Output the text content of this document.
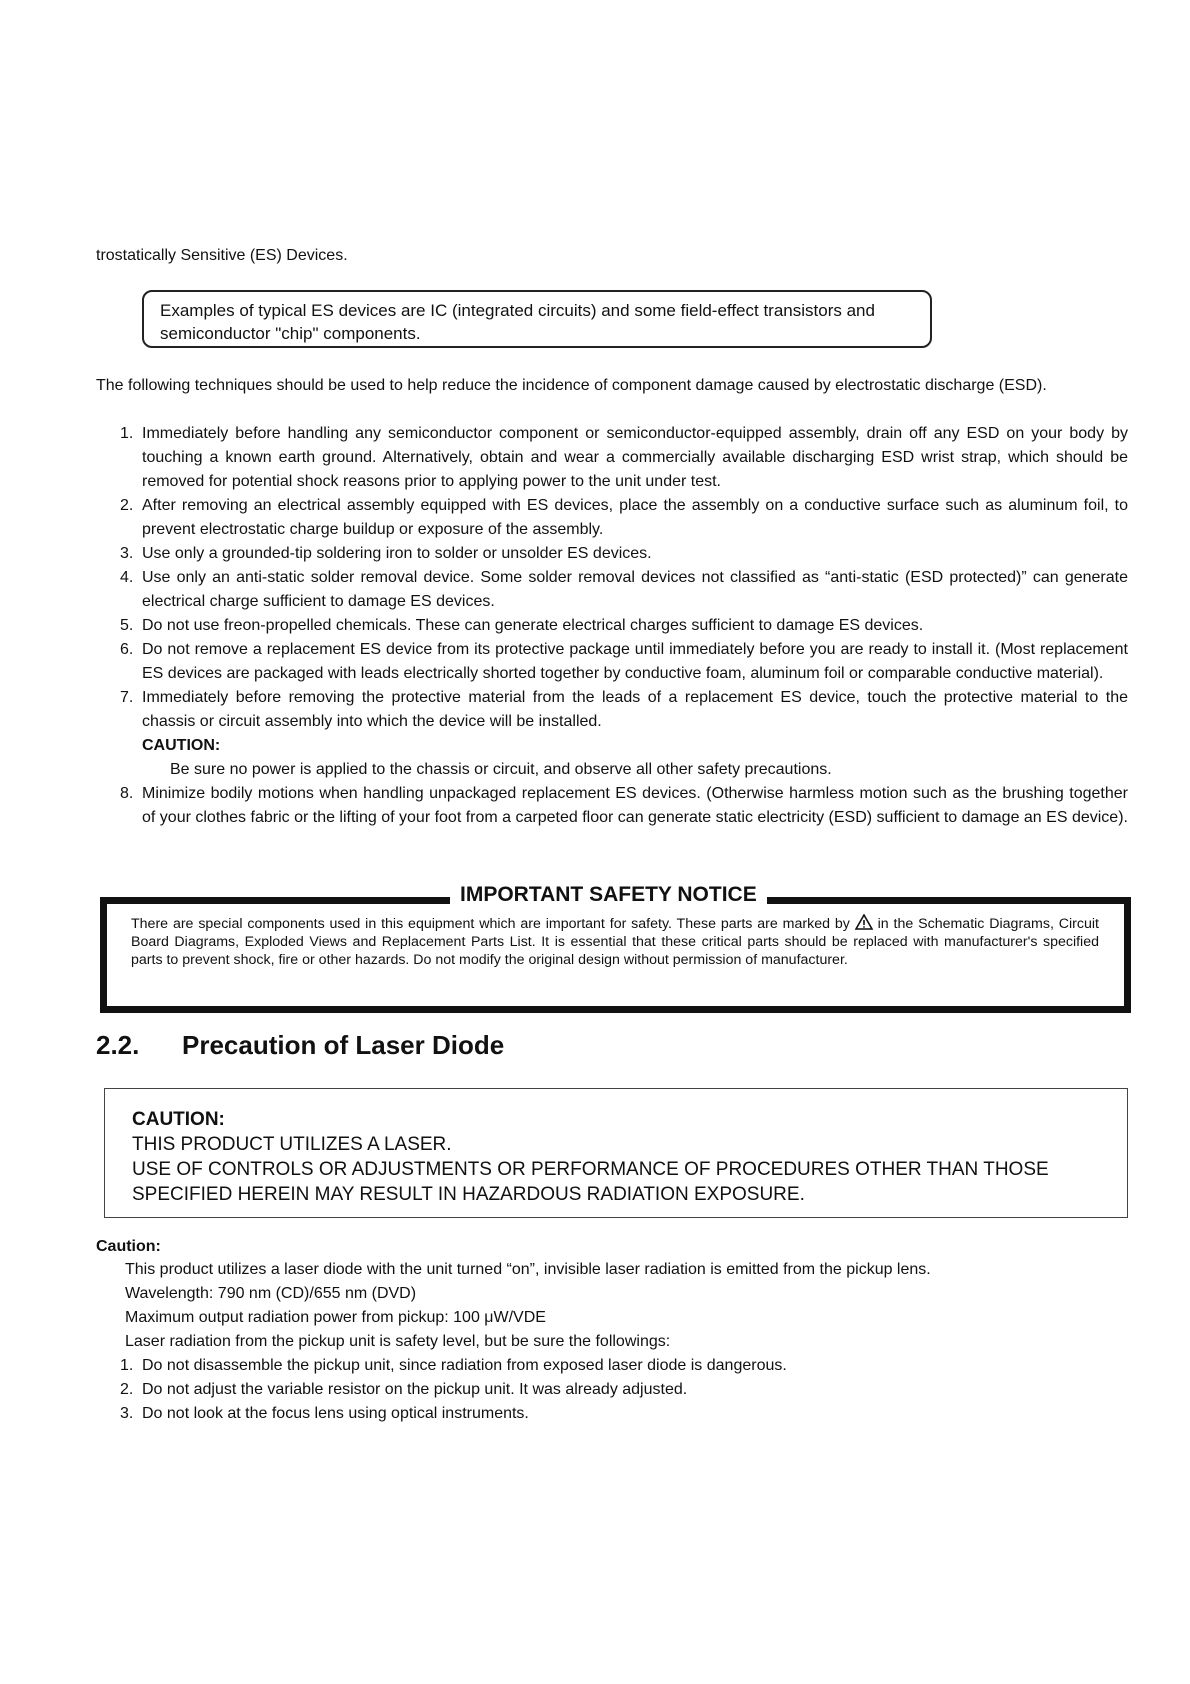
trostatically Sensitive (ES) Devices.
Examples of typical ES devices are IC (integrated circuits) and some field-effect transistors and
semiconductor "chip" components.
The following techniques should be used to help reduce the incidence of component damage caused by electrostatic discharge (ESD).
1. Immediately before handling any semiconductor component or semiconductor-equipped assembly, drain off any ESD on your body by touching a known earth ground. Alternatively, obtain and wear a commercially available discharging ESD wrist strap, which should be removed for potential shock reasons prior to applying power to the unit under test.
2. After removing an electrical assembly equipped with ES devices, place the assembly on a conductive surface such as aluminum foil, to prevent electrostatic charge buildup or exposure of the assembly.
3. Use only a grounded-tip soldering iron to solder or unsolder ES devices.
4. Use only an anti-static solder removal device. Some solder removal devices not classified as “anti-static (ESD protected)” can generate electrical charge sufficient to damage ES devices.
5. Do not use freon-propelled chemicals. These can generate electrical charges sufficient to damage ES devices.
6. Do not remove a replacement ES device from its protective package until immediately before you are ready to install it. (Most replacement ES devices are packaged with leads electrically shorted together by conductive foam, aluminum foil or comparable conductive material).
7. Immediately before removing the protective material from the leads of a replacement ES device, touch the protective material to the chassis or circuit assembly into which the device will be installed.
CAUTION:
Be sure no power is applied to the chassis or circuit, and observe all other safety precautions.
8. Minimize bodily motions when handling unpackaged replacement ES devices. (Otherwise harmless motion such as the brushing together of your clothes fabric or the lifting of your foot from a carpeted floor can generate static electricity (ESD) sufficient to damage an ES device).
IMPORTANT SAFETY NOTICE
There are special components used in this equipment which are important for safety. These parts are marked by in the Schematic Diagrams, Circuit Board Diagrams, Exploded Views and Replacement Parts List. It is essential that these critical parts should be replaced with manufacturer's specified parts to prevent shock, fire or other hazards. Do not modify the original design without permission of manufacturer.
2.2. Precaution of Laser Diode
CAUTION:
THIS PRODUCT UTILIZES A LASER.
USE OF CONTROLS OR ADJUSTMENTS OR PERFORMANCE OF PROCEDURES OTHER THAN THOSE
SPECIFIED HEREIN MAY RESULT IN HAZARDOUS RADIATION EXPOSURE.
Caution:
This product utilizes a laser diode with the unit turned “on”, invisible laser radiation is emitted from the pickup lens.
Wavelength: 790 nm (CD)/655 nm (DVD)
Maximum output radiation power from pickup: 100 μW/VDE
Laser radiation from the pickup unit is safety level, but be sure the followings:
1. Do not disassemble the pickup unit, since radiation from exposed laser diode is dangerous.
2. Do not adjust the variable resistor on the pickup unit. It was already adjusted.
3. Do not look at the focus lens using optical instruments.
